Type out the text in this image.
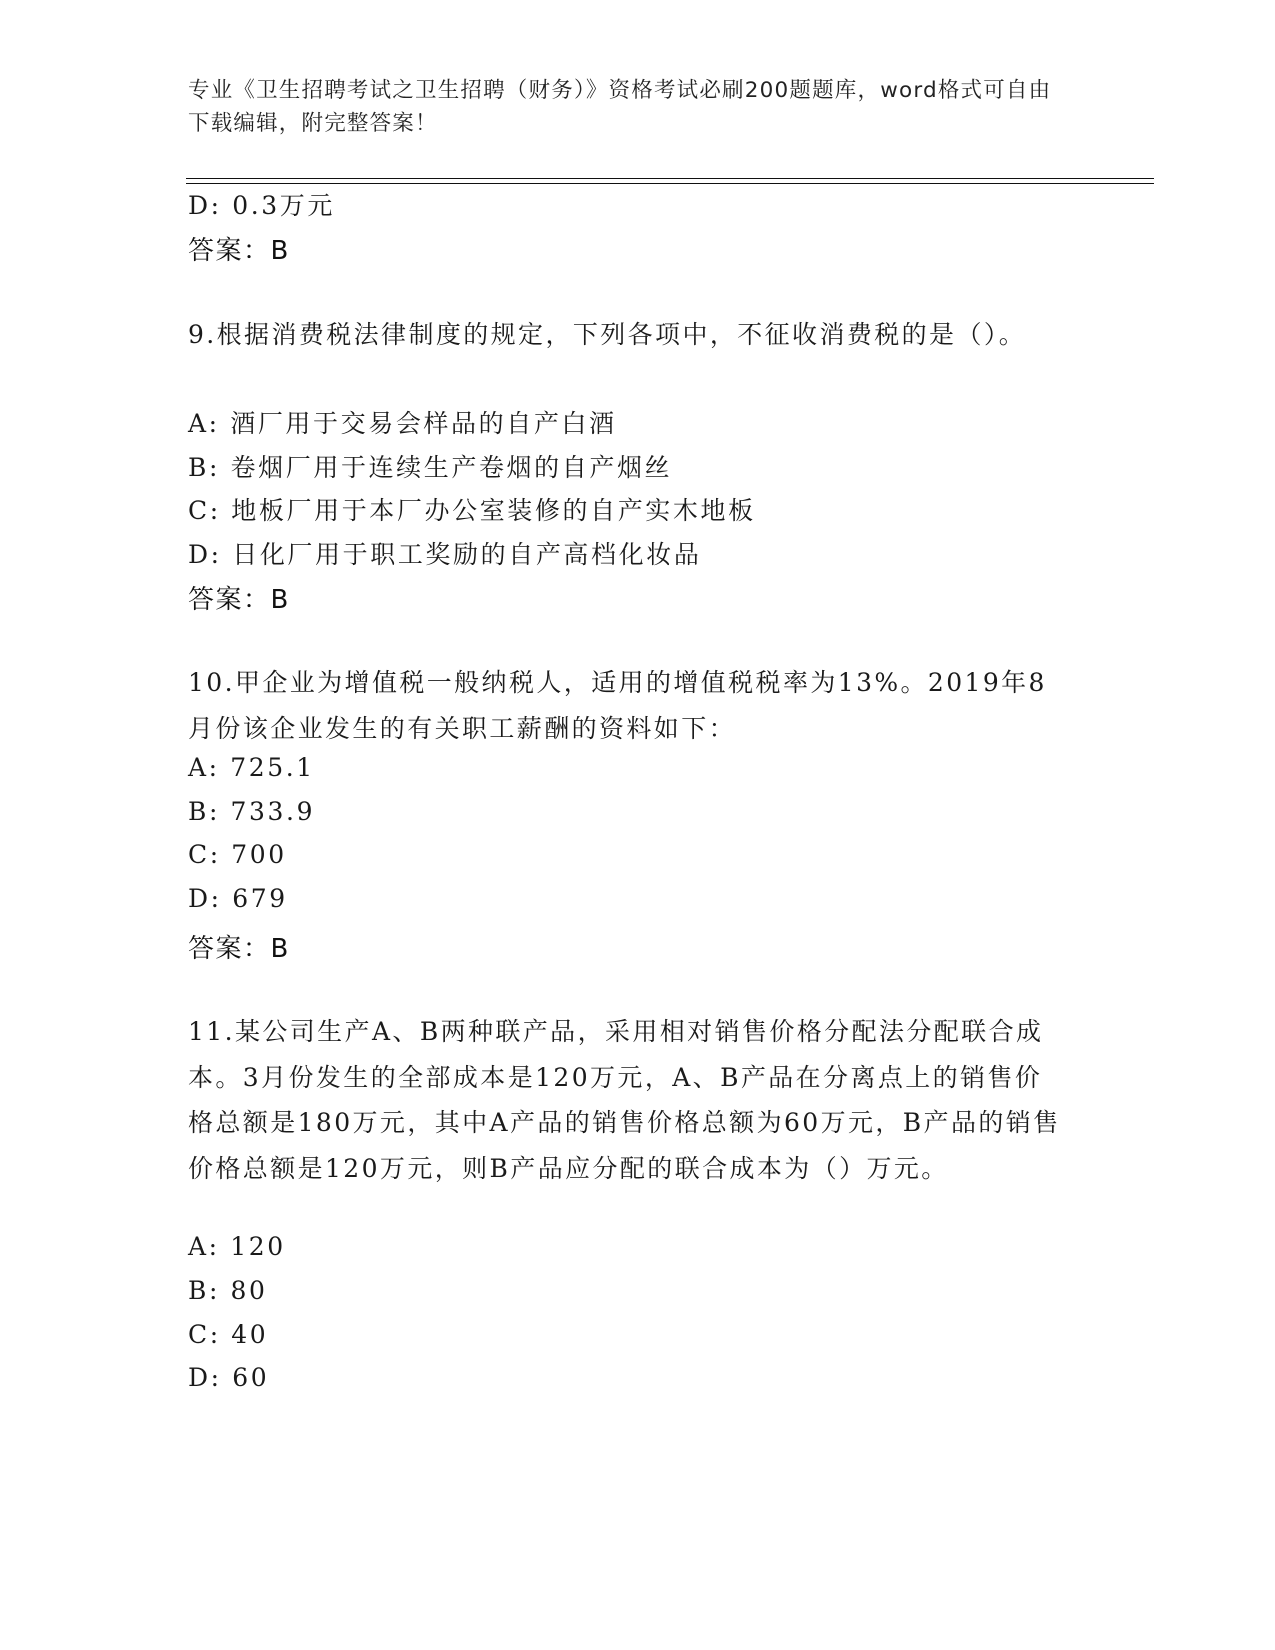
专业《卫生招聘考试之卫生招聘（财务）》资格考试必刷200题题库，word格式可自由下载编辑，附完整答案！
D: 0.3万元
答案：B
9.根据消费税法律制度的规定，下列各项中，不征收消费税的是（）。
A: 酒厂用于交易会样品的自产白酒
B: 卷烟厂用于连续生产卷烟的自产烟丝
C: 地板厂用于本厂办公室装修的自产实木地板
D: 日化厂用于职工奖励的自产高档化妆品
答案：B
10.甲企业为增值税一般纳税人，适用的增值税税率为13%。2019年8月份该企业发生的有关职工薪酬的资料如下：
A: 725.1
B: 733.9
C: 700
D: 679
答案：B
11.某公司生产A、B两种联产品，采用相对销售价格分配法分配联合成本。3月份发生的全部成本是120万元，A、B产品在分离点上的销售价格总额是180万元，其中A产品的销售价格总额为60万元，B产品的销售价格总额是120万元，则B产品应分配的联合成本为（）万元。
A: 120
B: 80
C: 40
D: 60
